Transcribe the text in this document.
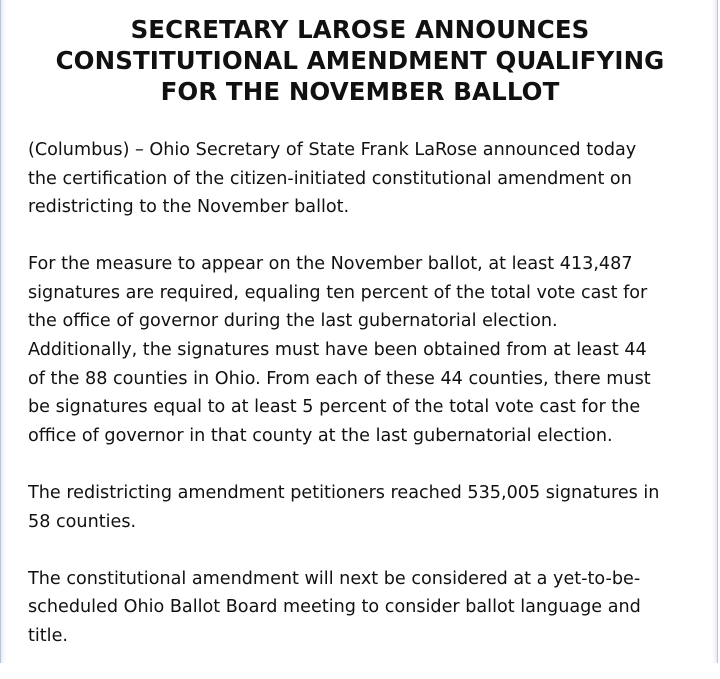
SECRETARY LAROSE ANNOUNCES
CONSTITUTIONAL AMENDMENT QUALIFYING
FOR THE NOVEMBER BALLOT

(Columbus) – Ohio Secretary of State Frank LaRose announced today
the certification of the citizen-initiated constitutional amendment on
redistricting to the November ballot.

For the measure to appear on the November ballot, at least 413,487
signatures are required, equaling ten percent of the total vote cast for
the office of governor during the last gubernatorial election.
Additionally, the signatures must have been obtained from at least 44
of the 88 counties in Ohio. From each of these 44 counties, there must
be signatures equal to at least 5 percent of the total vote cast for the
office of governor in that county at the last gubernatorial election.

The redistricting amendment petitioners reached 535,005 signatures in
58 counties.

The constitutional amendment will next be considered at a yet-to-be-
scheduled Ohio Ballot Board meeting to consider ballot language and
title.
